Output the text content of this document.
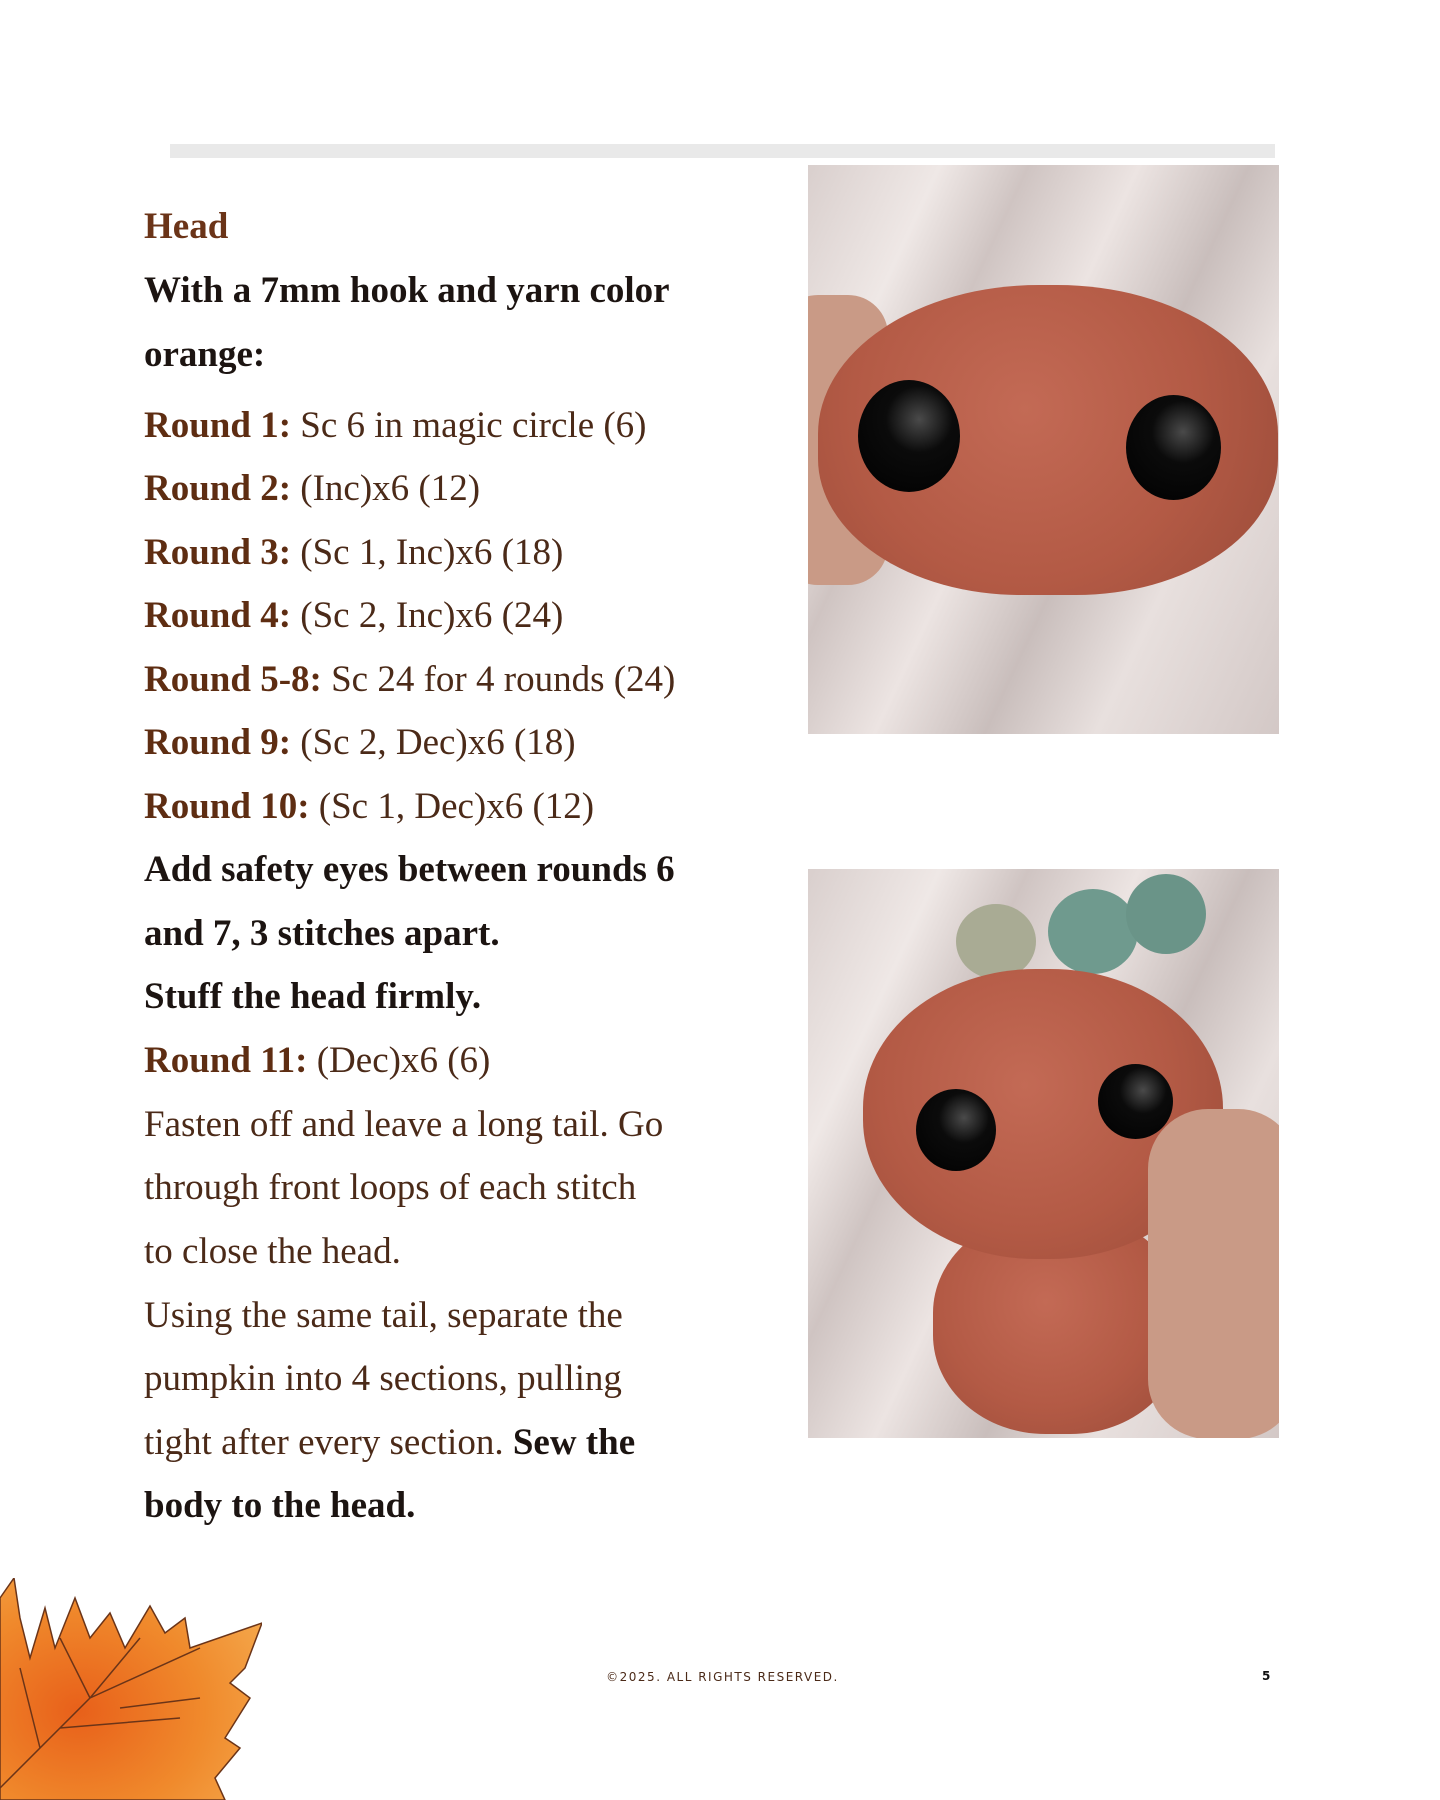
Head
With a 7mm hook and yarn color
orange:
Round 1: Sc 6 in magic circle (6)
Round 2: (Inc)x6 (12)
Round 3: (Sc 1, Inc)x6 (18)
Round 4: (Sc 2, Inc)x6 (24)
Round 5-8: Sc 24 for 4 rounds (24)
Round 9: (Sc 2, Dec)x6 (18)
Round 10: (Sc 1, Dec)x6 (12)
Add safety eyes between rounds 6
and 7, 3 stitches apart.
Stuff the head firmly.
Round 11: (Dec)x6 (6)
Fasten off and leave a long tail. Go
through front loops of each stitch
to close the head.
Using the same tail, separate the
pumpkin into 4 sections, pulling
tight after every section. Sew the
body to the head.
©2025. ALL RIGHTS RESERVED.	5
